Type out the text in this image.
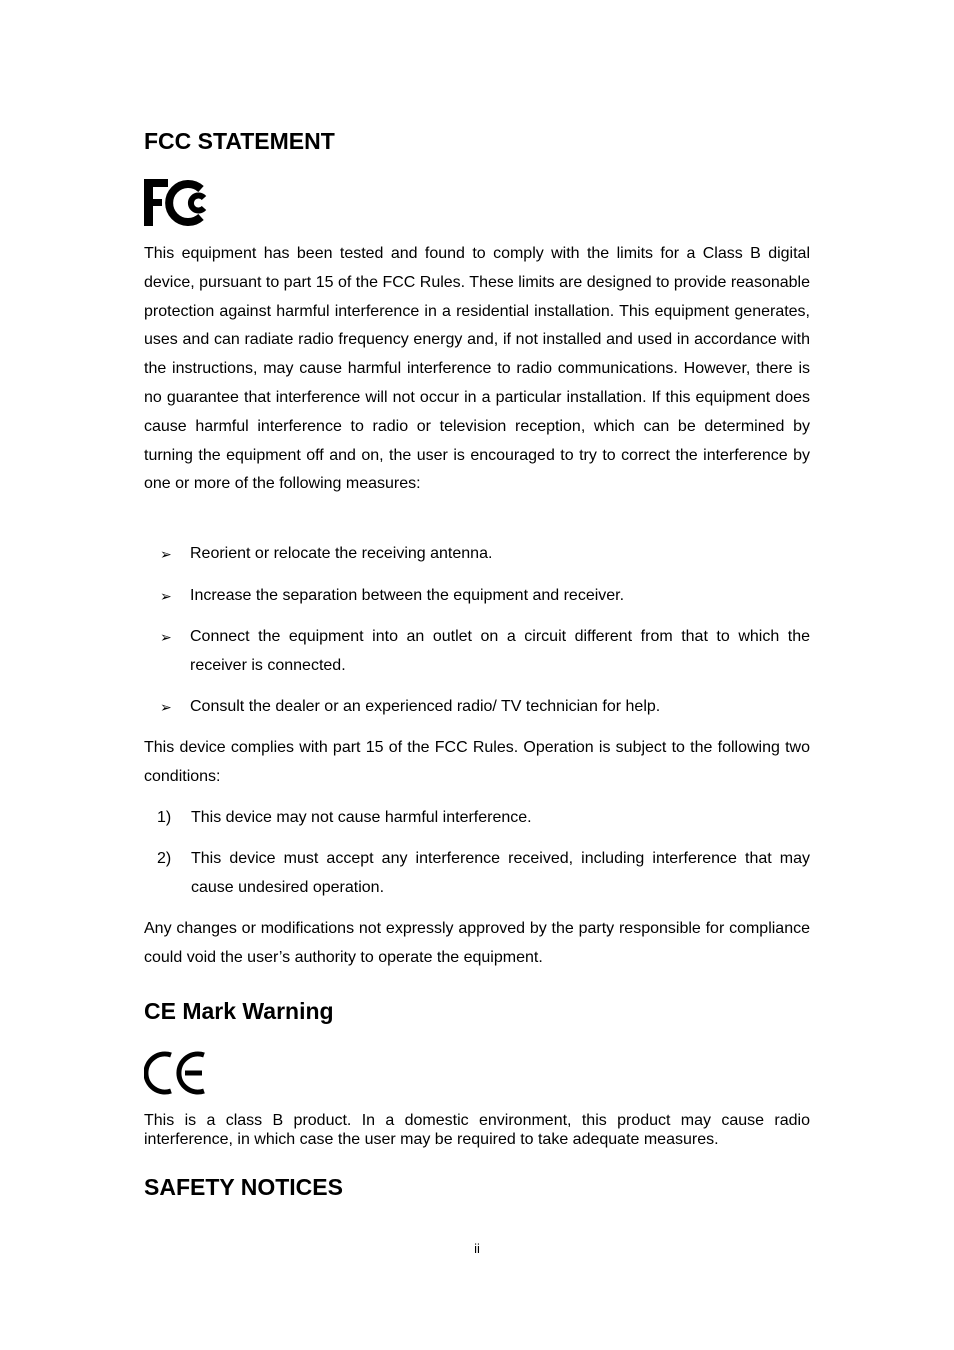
FCC STATEMENT
This equipment has been tested and found to comply with the limits for a Class B digital device, pursuant to part 15 of the FCC Rules. These limits are designed to provide reasonable protection against harmful interference in a residential installation. This equipment generates, uses and can radiate radio frequency energy and, if not installed and used in accordance with the instructions, may cause harmful interference to radio communications. However, there is no guarantee that interference will not occur in a particular installation. If this equipment does cause harmful interference to radio or television reception, which can be determined by turning the equipment off and on, the user is encouraged to try to correct the interference by one or more of the following measures:
➢ Reorient or relocate the receiving antenna.
➢ Increase the separation between the equipment and receiver.
➢ Connect the equipment into an outlet on a circuit different from that to which the receiver is connected.
➢ Consult the dealer or an experienced radio/ TV technician for help.
This device complies with part 15 of the FCC Rules. Operation is subject to the following two conditions:
1) This device may not cause harmful interference.
2) This device must accept any interference received, including interference that may cause undesired operation.
Any changes or modifications not expressly approved by the party responsible for compliance could void the user’s authority to operate the equipment.
CE Mark Warning
This is a class B product. In a domestic environment, this product may cause radio interference, in which case the user may be required to take adequate measures.
SAFETY NOTICES
ii
